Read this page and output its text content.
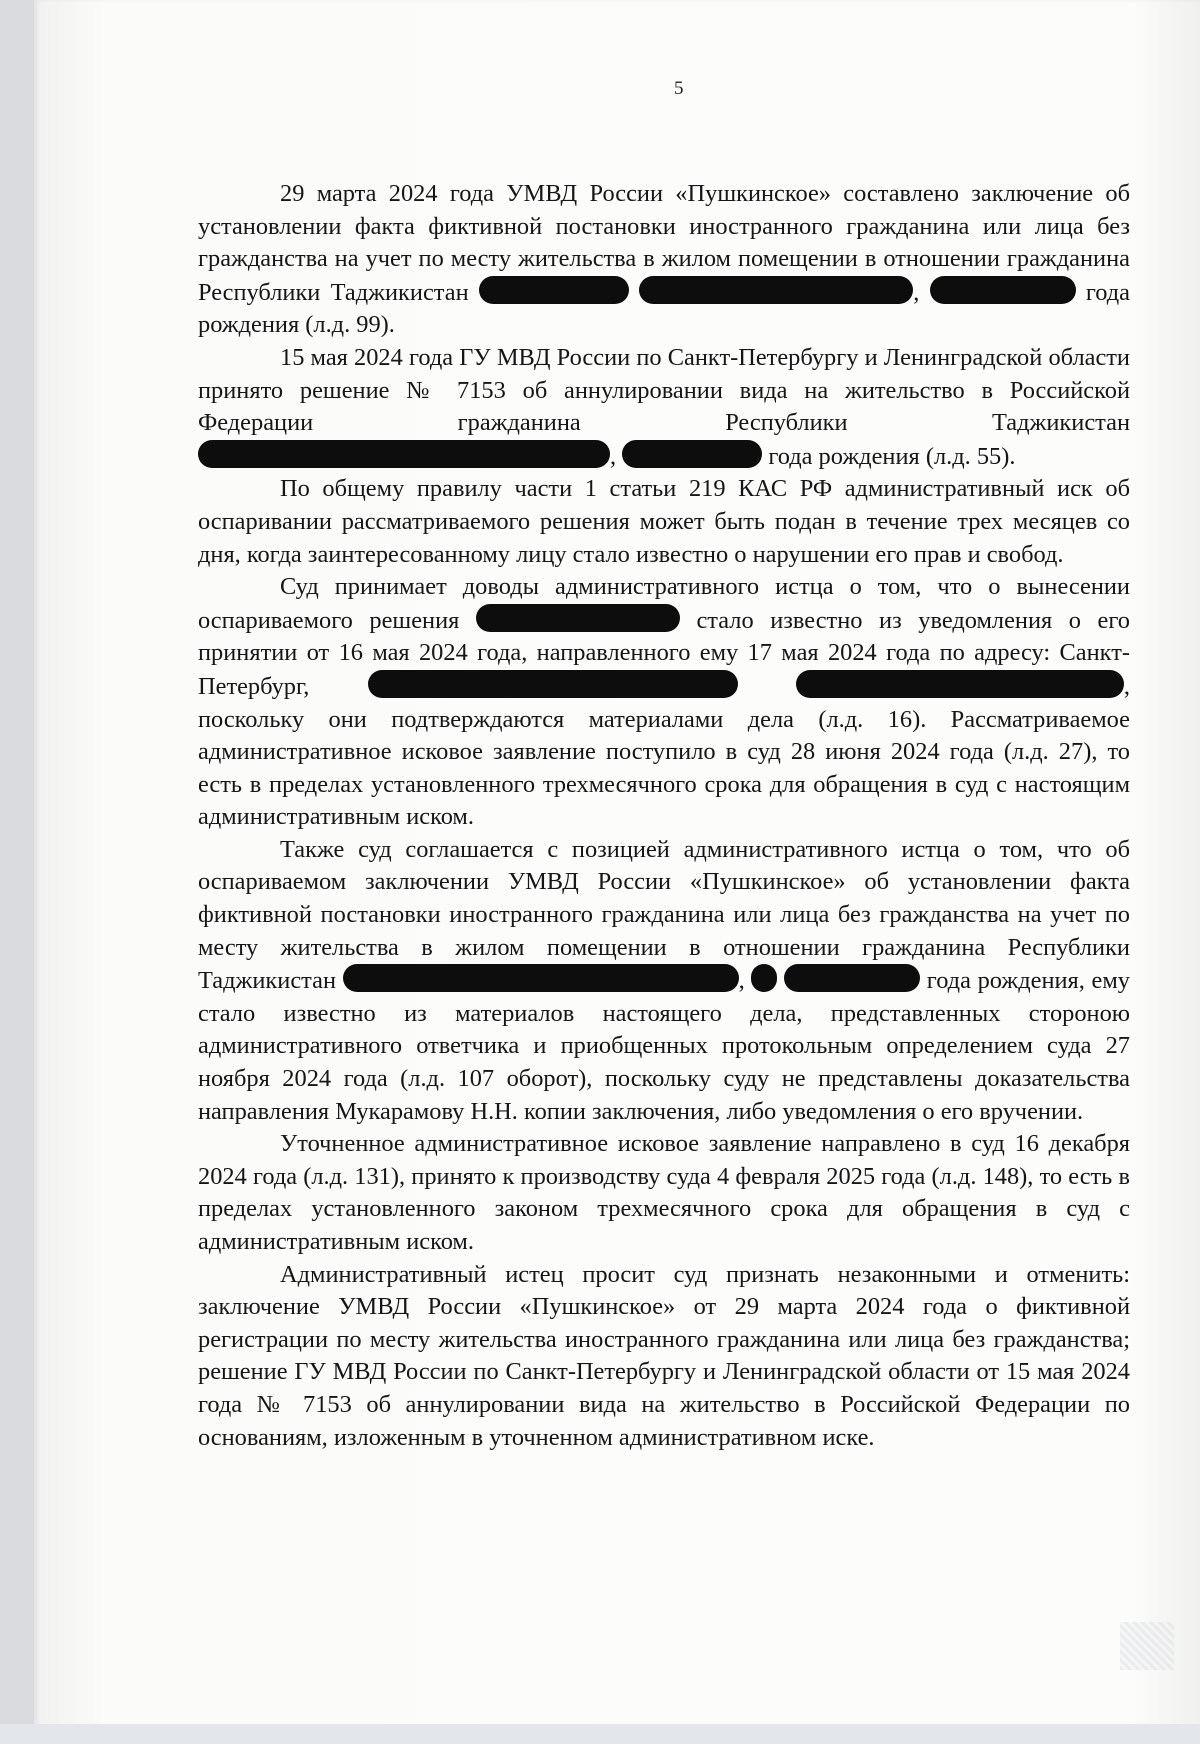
5

29 марта 2024 года УМВД России «Пушкинское» составлено заключение об установлении факта фиктивной постановки иностранного гражданина или лица без гражданства на учет по месту жительства в жилом помещении в отношении гражданина Республики Таджикистан	,	года рождения (л.д. 99).

15 мая 2024 года ГУ МВД России по Санкт-Петербургу и Ленинградской области принято решение № 7153 об аннулировании вида на жительство в Российской Федерации гражданина Республики Таджикистан ,	года рождения (л.д. 55).

По общему правилу части 1 статьи 219 КАС РФ административный иск об оспаривании рассматриваемого решения может быть подан в течение трех месяцев со дня, когда заинтересованному лицу стало известно о нарушении его прав и свобод.

Суд принимает доводы административного истца о том, что о вынесении оспариваемого решения	стало известно из уведомления о его принятии от 16 мая 2024 года, направленного ему 17 мая 2024 года по адресу: Санкт-Петербург,	, поскольку они подтверждаются материалами дела (л.д. 16). Рассматриваемое административное исковое заявление поступило в суд 28 июня 2024 года (л.д. 27), то есть в пределах установленного трехмесячного срока для обращения в суд с настоящим административным иском.

Также суд соглашается с позицией административного истца о том, что об оспариваемом заключении УМВД России «Пушкинское» об установлении факта фиктивной постановки иностранного гражданина или лица без гражданства на учет по месту жительства в жилом помещении в отношении гражданина Республики Таджикистан	,	года рождения, ему стало известно из материалов настоящего дела, представленных стороною административного ответчика и приобщенных протокольным определением суда 27 ноября 2024 года (л.д. 107 оборот), поскольку суду не представлены доказательства направления Мукарамову Н.Н. копии заключения, либо уведомления о его вручении.

Уточненное административное исковое заявление направлено в суд 16 декабря 2024 года (л.д. 131), принято к производству суда 4 февраля 2025 года (л.д. 148), то есть в пределах установленного законом трехмесячного срока для обращения в суд с административным иском.

Административный истец просит суд признать незаконными и отменить: заключение УМВД России «Пушкинское» от 29 марта 2024 года о фиктивной регистрации по месту жительства иностранного гражданина или лица без гражданства; решение ГУ МВД России по Санкт-Петербургу и Ленинградской области от 15 мая 2024 года № 7153 об аннулировании вида на жительство в Российской Федерации по основаниям, изложенным в уточненном административном иске.
